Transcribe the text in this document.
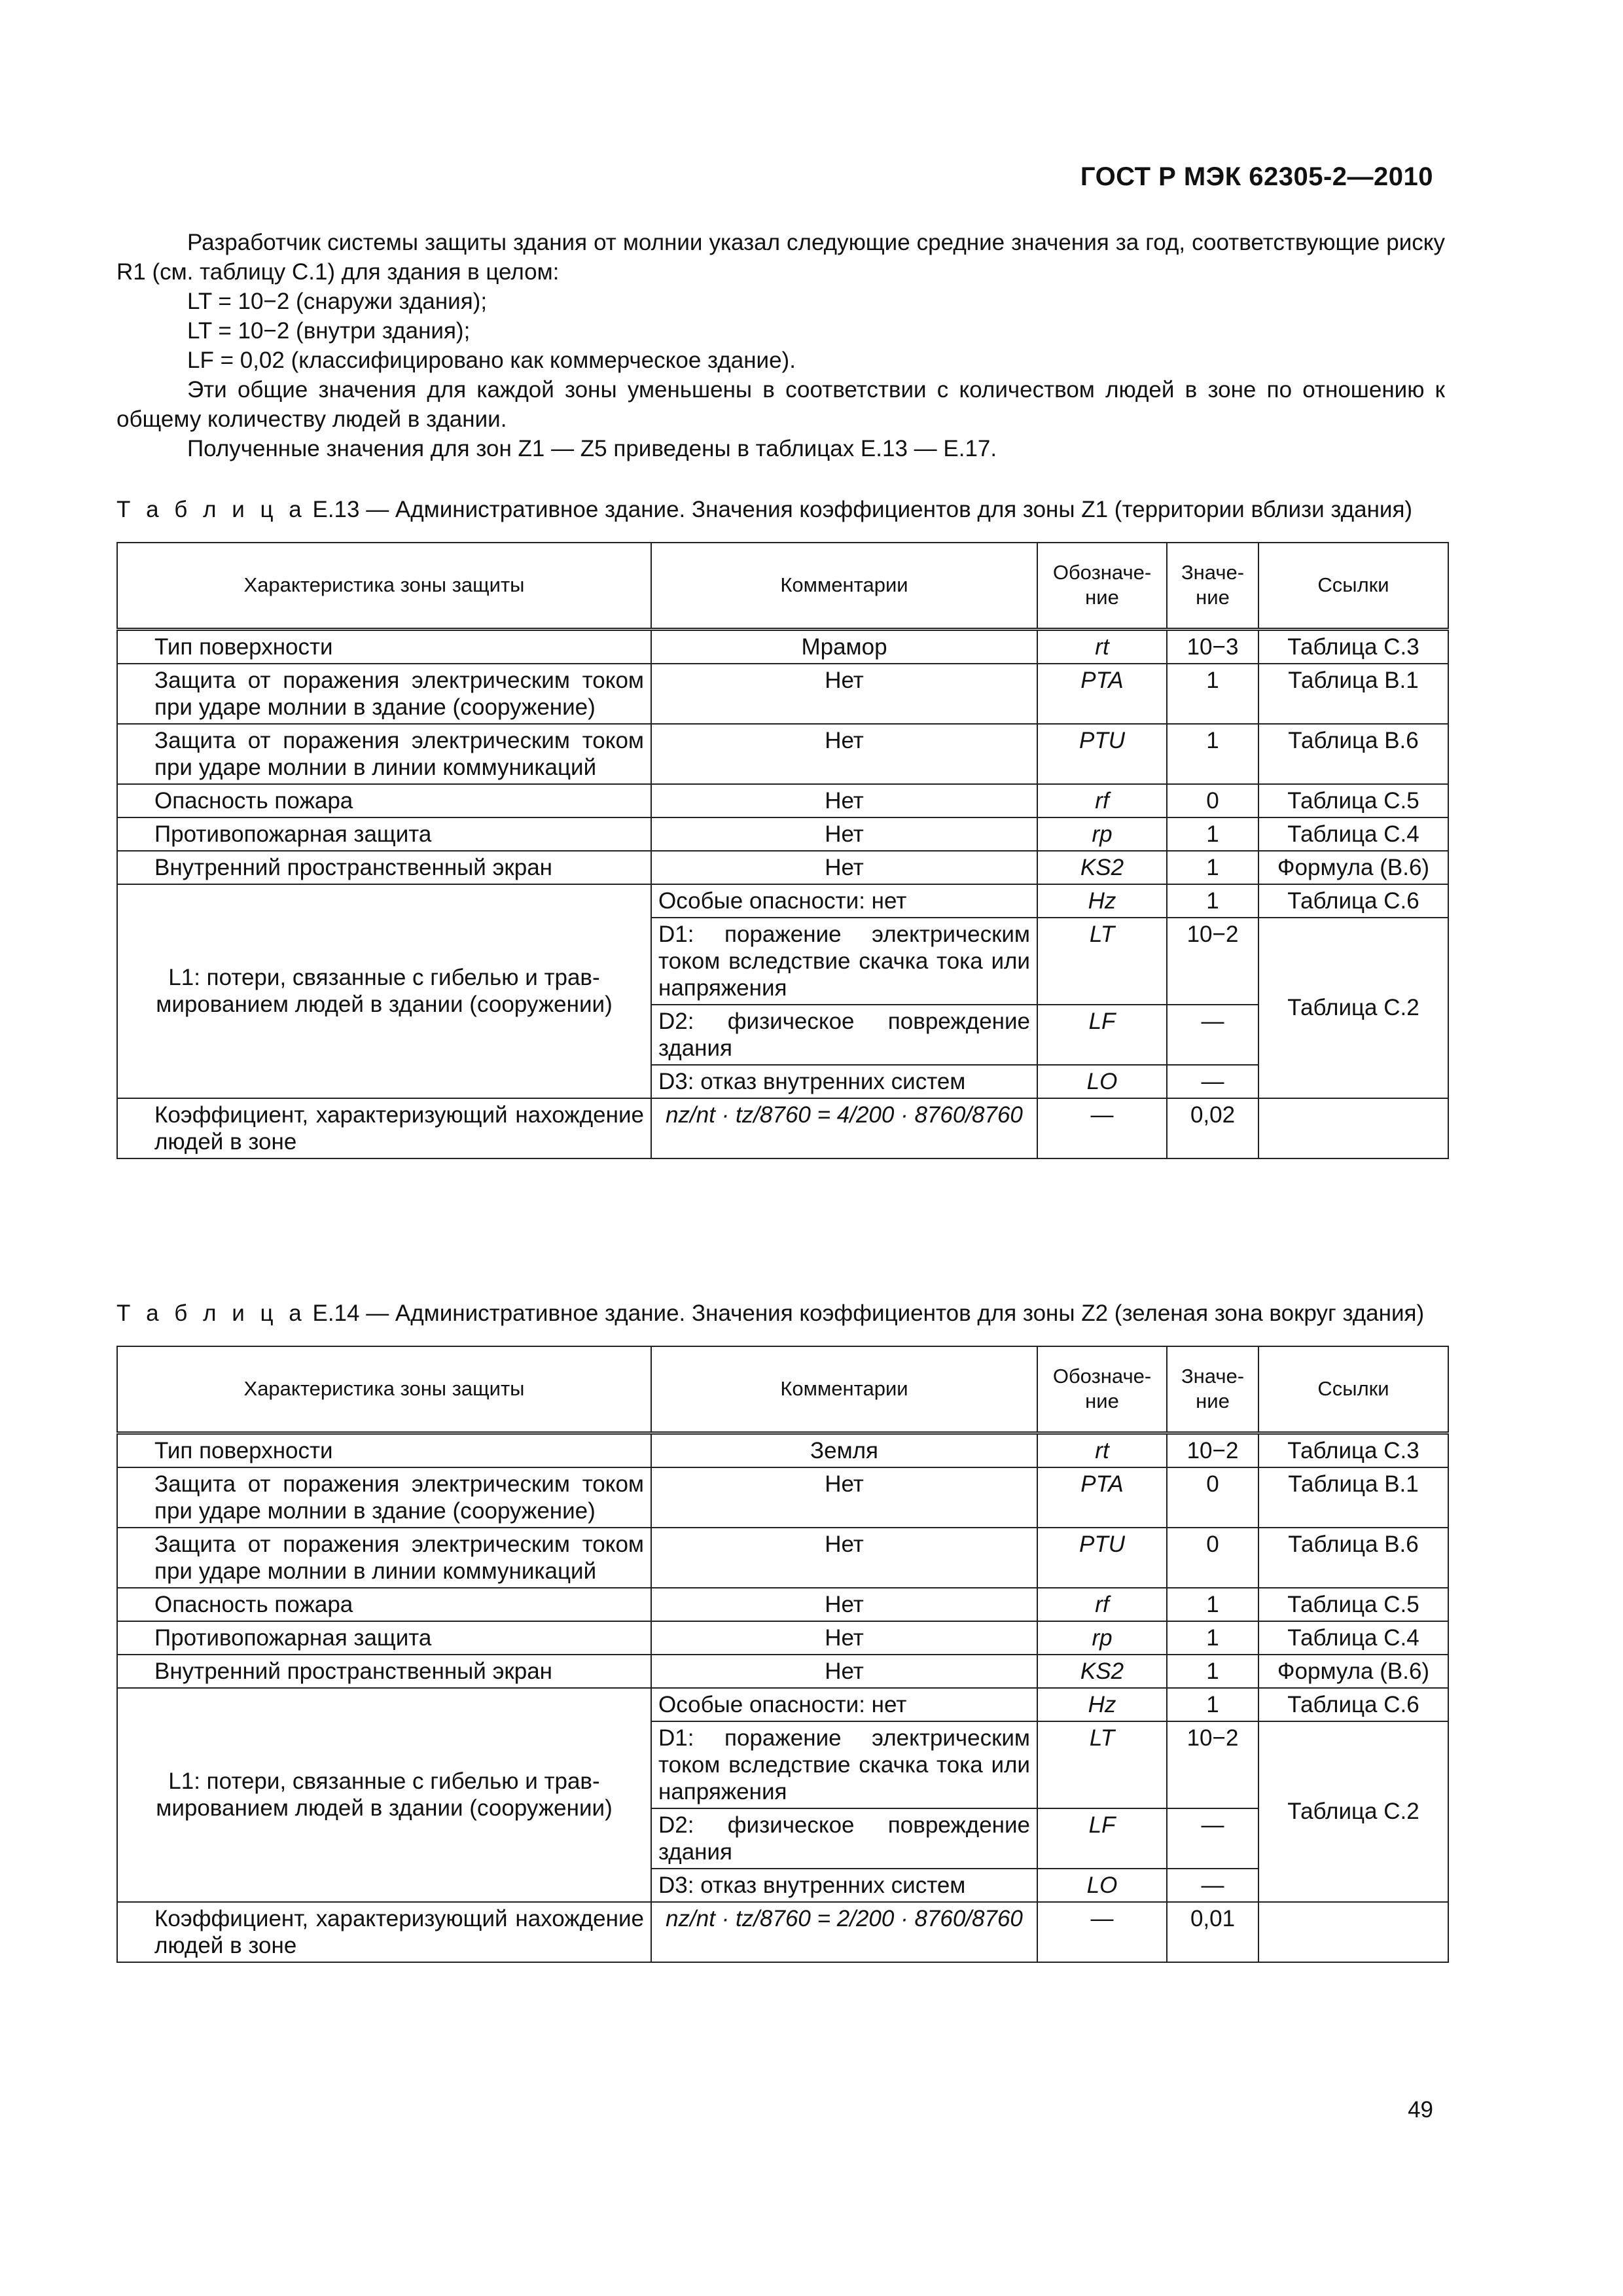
ГОСТ Р МЭК 62305-2—2010

Разработчик системы защиты здания от молнии указал следующие средние значения за год, соответствующие риску R1 (см. таблицу С.1) для здания в целом:

LT = 10−2 (снаружи здания);

LT = 10−2 (внутри здания);

LF = 0,02 (классифицировано как коммерческое здание).

Эти общие значения для каждой зоны уменьшены в соответствии с количеством людей в зоне по отношению к общему количеству людей в здании.

Полученные значения для зон Z1 — Z5 приведены в таблицах Е.13 — Е.17.

Т а б л и ц а Е.13 — Административное здание. Значения коэффициентов для зоны Z1 (территории вблизи здания)
Характеристика зоны защиты	Комментарии	Обозначе-ние	Значе-ние	Ссылки
Тип поверхности	Мрамор	rt	10−3	Таблица С.3
Защита от поражения электрическим током при ударе молнии в здание (сооружение)	Нет	PTA	1	Таблица В.1
Защита от поражения электрическим током при ударе молнии в линии коммуникаций	Нет	PTU	1	Таблица В.6
Опасность пожара	Нет	rf	0	Таблица С.5
Противопожарная защита	Нет	rp	1	Таблица С.4
Внутренний пространственный экран	Нет	KS2	1	Формула (В.6)
L1: потери, связанные с гибелью и травмированием людей в здании (сооружении)	Особые опасности: нет	Hz	1	Таблица С.6
	D1: поражение электрическим током вследствие скачка тока или напряжения	LT	10−2	Таблица С.2
	D2: физическое повреждение здания	LF	—	
	D3: отказ внутренних систем	LO	—	
Коэффициент, характеризующий нахождение людей в зоне	nz/nt · tz/8760 = 4/200 · 8760/8760	—	0,02	
Т а б л и ц а Е.14 — Административное здание. Значения коэффициентов для зоны Z2 (зеленая зона вокруг здания)
Характеристика зоны защиты	Комментарии	Обозначе-ние	Значе-ние	Ссылки
Тип поверхности	Земля	rt	10−2	Таблица С.3
Защита от поражения электрическим током при ударе молнии в здание (сооружение)	Нет	PTA	0	Таблица В.1
Защита от поражения электрическим током при ударе молнии в линии коммуникаций	Нет	PTU	0	Таблица В.6
Опасность пожара	Нет	rf	1	Таблица С.5
Противопожарная защита	Нет	rp	1	Таблица С.4
Внутренний пространственный экран	Нет	KS2	1	Формула (В.6)
L1: потери, связанные с гибелью и травмированием людей в здании (сооружении)	Особые опасности: нет	Hz	1	Таблица С.6
	D1: поражение электрическим током вследствие скачка тока или напряжения	LT	10−2	Таблица С.2
	D2: физическое повреждение здания	LF	—	
	D3: отказ внутренних систем	LO	—	
Коэффициент, характеризующий нахождение людей в зоне	nz/nt · tz/8760 = 2/200 · 8760/8760	—	0,01	
49
